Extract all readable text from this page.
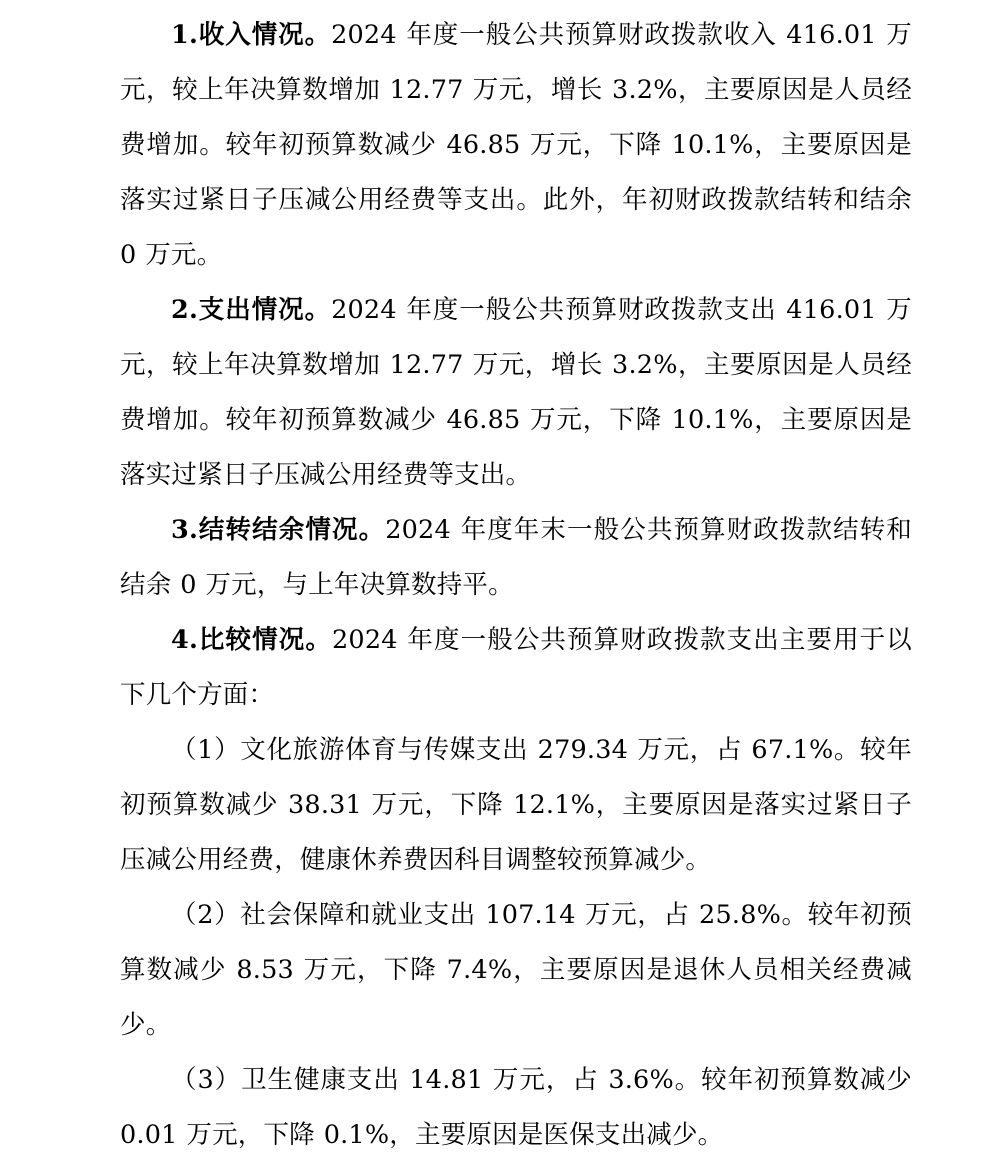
1.收入情况。2024 年度一般公共预算财政拨款收入 416.01 万元，较上年决算数增加 12.77 万元，增长 3.2%，主要原因是人员经费增加。较年初预算数减少 46.85 万元，下降 10.1%，主要原因是落实过紧日子压减公用经费等支出。此外，年初财政拨款结转和结余 0 万元。

2.支出情况。2024 年度一般公共预算财政拨款支出 416.01 万元，较上年决算数增加 12.77 万元，增长 3.2%，主要原因是人员经费增加。较年初预算数减少 46.85 万元，下降 10.1%，主要原因是落实过紧日子压减公用经费等支出。

3.结转结余情况。2024 年度年末一般公共预算财政拨款结转和结余 0 万元，与上年决算数持平。

4.比较情况。2024 年度一般公共预算财政拨款支出主要用于以下几个方面：

（1）文化旅游体育与传媒支出 279.34 万元，占 67.1%。较年初预算数减少 38.31 万元，下降 12.1%，主要原因是落实过紧日子压减公用经费，健康休养费因科目调整较预算减少。

（2）社会保障和就业支出 107.14 万元，占 25.8%。较年初预算数减少 8.53 万元，下降 7.4%，主要原因是退休人员相关经费减少。

（3）卫生健康支出 14.81 万元，占 3.6%。较年初预算数减少 0.01 万元，下降 0.1%，主要原因是医保支出减少。
